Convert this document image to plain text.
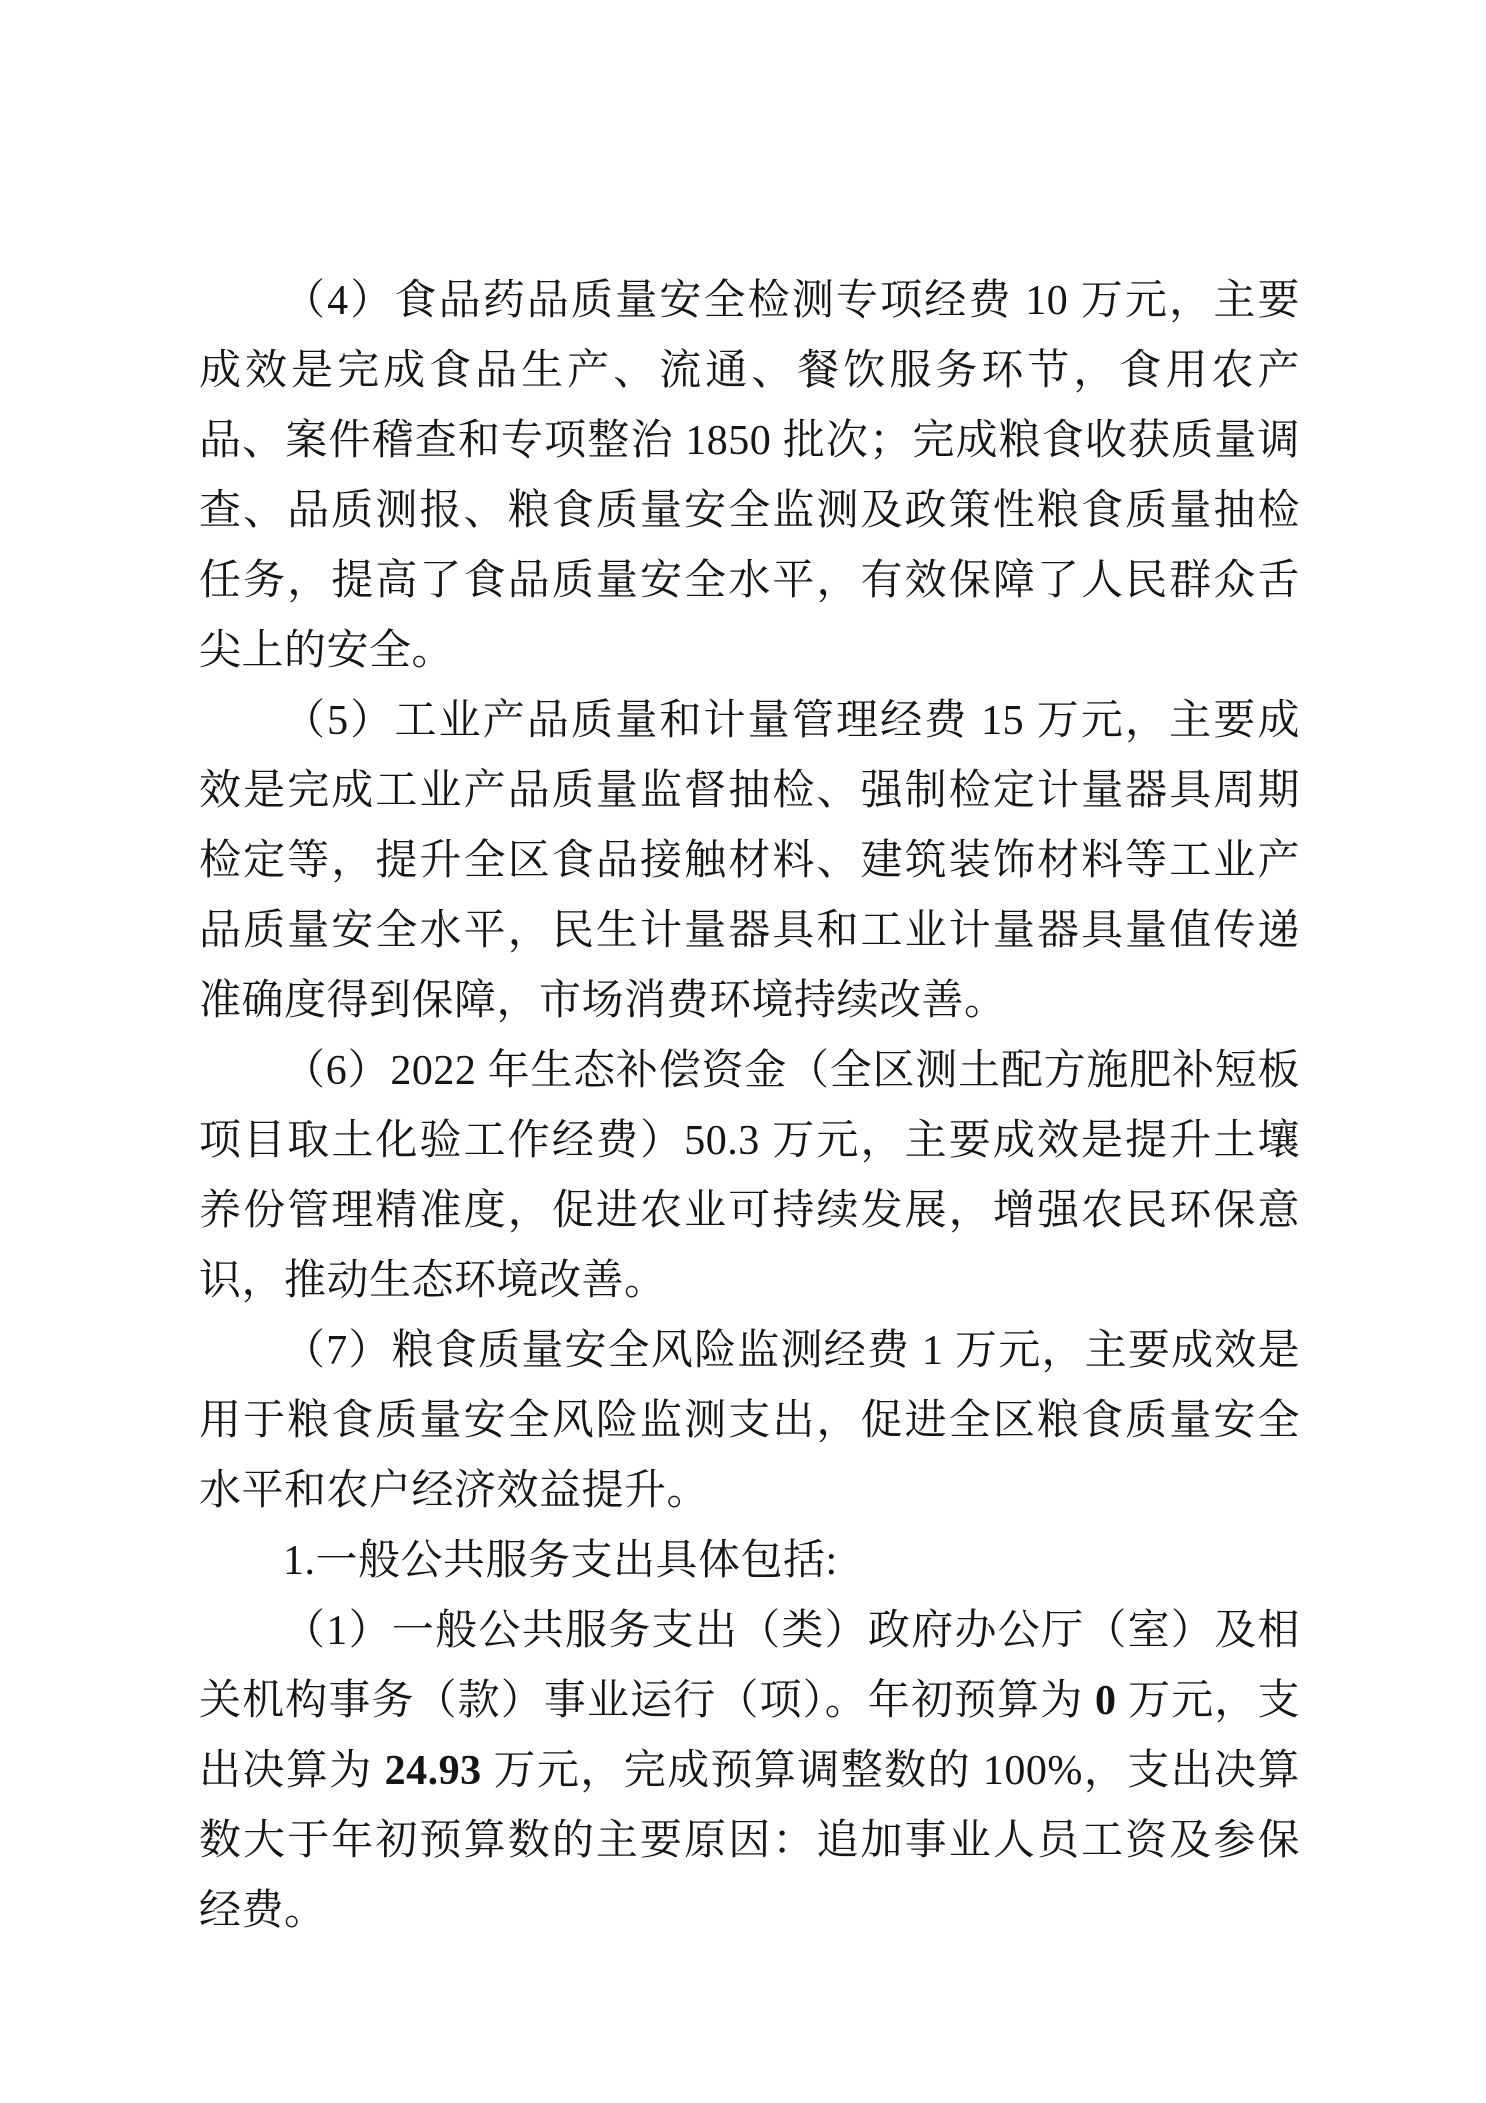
（4）食品药品质量安全检测专项经费 10 万元，主要成效是完成食品生产、流通、餐饮服务环节，食用农产品、案件稽查和专项整治 1850 批次；完成粮食收获质量调查、品质测报、粮食质量安全监测及政策性粮食质量抽检任务，提高了食品质量安全水平，有效保障了人民群众舌尖上的安全。

（5）工业产品质量和计量管理经费 15 万元，主要成效是完成工业产品质量监督抽检、强制检定计量器具周期检定等，提升全区食品接触材料、建筑装饰材料等工业产品质量安全水平，民生计量器具和工业计量器具量值传递准确度得到保障，市场消费环境持续改善。

（6）2022 年生态补偿资金（全区测土配方施肥补短板项目取土化验工作经费）50.3 万元，主要成效是提升土壤养份管理精准度，促进农业可持续发展，增强农民环保意识，推动生态环境改善。

（7）粮食质量安全风险监测经费 1 万元，主要成效是用于粮食质量安全风险监测支出，促进全区粮食质量安全水平和农户经济效益提升。

1.一般公共服务支出具体包括:

（1）一般公共服务支出（类）政府办公厅（室）及相关机构事务（款）事业运行（项）。年初预算为 0 万元，支出决算为 24.93 万元，完成预算调整数的 100%，支出决算数大于年初预算数的主要原因：追加事业人员工资及参保经费。
